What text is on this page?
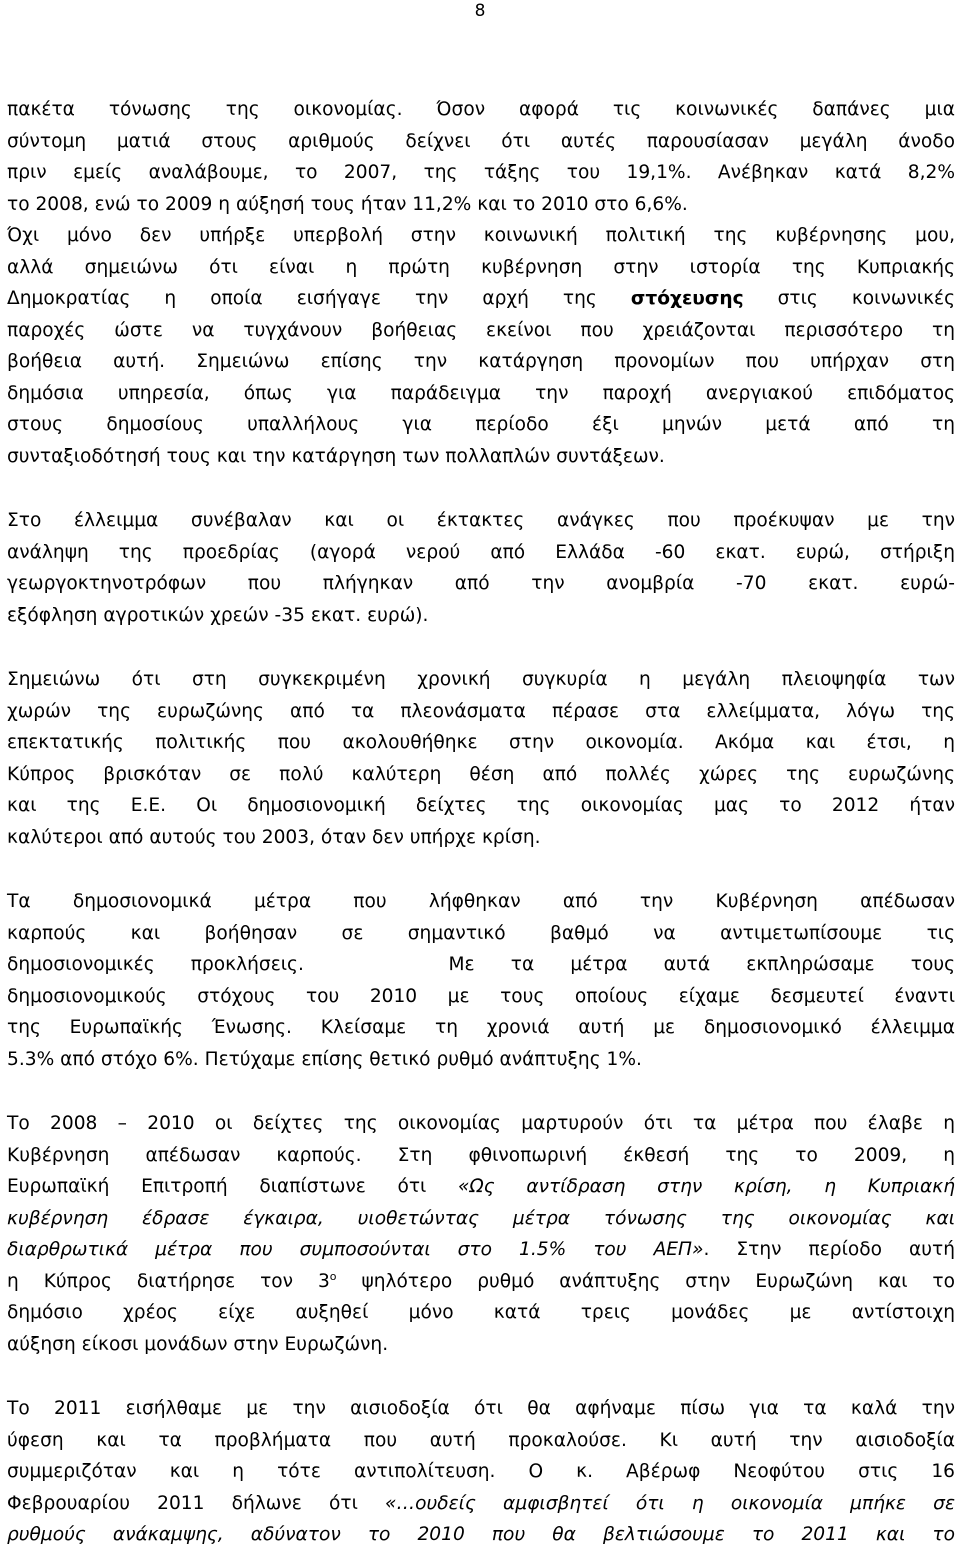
8

πακέτα τόνωσης της οικονομίας. Όσον αφορά τις κοινωνικές δαπάνες μια
σύντομη ματιά στους αριθμούς δείχνει ότι αυτές παρουσίασαν μεγάλη άνοδο
πριν εμείς αναλάβουμε, το 2007, της τάξης του 19,1%. Ανέβηκαν κατά 8,2%
το 2008, ενώ το 2009 η αύξησή τους ήταν 11,2% και το 2010 στο 6,6%.

Όχι μόνο δεν υπήρξε υπερβολή στην κοινωνική πολιτική της κυβέρνησης μου,
αλλά σημειώνω ότι είναι η πρώτη κυβέρνηση στην ιστορία της Κυπριακής
Δημοκρατίας η οποία εισήγαγε την αρχή της στόχευσης στις κοινωνικές
παροχές ώστε να τυγχάνουν βοήθειας εκείνοι που χρειάζονται περισσότερο τη
βοήθεια αυτή. Σημειώνω επίσης την κατάργηση προνομίων που υπήρχαν στη
δημόσια υπηρεσία, όπως για παράδειγμα την παροχή ανεργιακού επιδόματος
στους δημοσίους υπαλλήλους για περίοδο έξι μηνών μετά από τη
συνταξιοδότησή τους και την κατάργηση των πολλαπλών συντάξεων.

Στο έλλειμμα συνέβαλαν και οι έκτακτες ανάγκες που προέκυψαν με την
ανάληψη της προεδρίας (αγορά νερού από Ελλάδα -60 εκατ. ευρώ, στήριξη
γεωργοκτηνοτρόφων που πλήγηκαν από την ανομβρία -70 εκατ. ευρώ-
εξόφληση αγροτικών χρεών -35 εκατ. ευρώ).

Σημειώνω ότι στη συγκεκριμένη χρονική συγκυρία η μεγάλη πλειοψηφία των
χωρών της ευρωζώνης από τα πλεονάσματα πέρασε στα ελλείμματα, λόγω της
επεκτατικής πολιτικής που ακολουθήθηκε στην οικονομία. Ακόμα και έτσι, η
Κύπρος βρισκόταν σε πολύ καλύτερη θέση από πολλές χώρες της ευρωζώνης
και της Ε.Ε. Οι δημοσιονομική δείχτες της οικονομίας μας το 2012 ήταν
καλύτεροι από αυτούς του 2003, όταν δεν υπήρχε κρίση.

Τα δημοσιονομικά μέτρα που λήφθηκαν από την Κυβέρνηση απέδωσαν
καρπούς και βοήθησαν σε σημαντικό βαθμό να αντιμετωπίσουμε τις
δημοσιονομικές προκλήσεις.    Με τα μέτρα αυτά εκπληρώσαμε τους
δημοσιονομικούς στόχους του 2010 με τους οποίους είχαμε δεσμευτεί έναντι
της Ευρωπαϊκής Ένωσης. Κλείσαμε τη χρονιά αυτή με δημοσιονομικό έλλειμμα
5.3% από στόχο 6%. Πετύχαμε επίσης θετικό ρυθμό ανάπτυξης 1%.

Το 2008 – 2010 οι δείχτες της οικονομίας μαρτυρούν ότι τα μέτρα που έλαβε η
Κυβέρνηση απέδωσαν καρπούς. Στη φθινοπωρινή έκθεσή της το 2009, η
Ευρωπαϊκή Επιτροπή διαπίστωνε ότι «Ως αντίδραση στην κρίση, η Κυπριακή
κυβέρνηση έδρασε έγκαιρα, υιοθετώντας μέτρα τόνωσης της οικονομίας και
διαρθρωτικά μέτρα που συμποσούνται στο 1.5% του ΑΕΠ». Στην περίοδο αυτή
η Κύπρος διατήρησε τον $3^o$ ψηλότερο ρυθμό ανάπτυξης στην Ευρωζώνη και το
δημόσιο χρέος είχε αυξηθεί μόνο κατά τρεις μονάδες με αντίστοιχη
αύξηση είκοσι μονάδων στην Ευρωζώνη.

Το 2011 εισήλθαμε με την αισιοδοξία ότι θα αφήναμε πίσω για τα καλά την
ύφεση και τα προβλήματα που αυτή προκαλούσε. Κι αυτή την αισιοδοξία
συμμεριζόταν και η τότε αντιπολίτευση. Ο κ. Αβέρωφ Νεοφύτου στις 16
Φεβρουαρίου 2011 δήλωνε ότι «…ουδείς αμφισβητεί ότι η οικονομία μπήκε σε
ρυθμούς ανάκαμψης, αδύνατον το 2010 που θα βελτιώσουμε το 2011 και το
